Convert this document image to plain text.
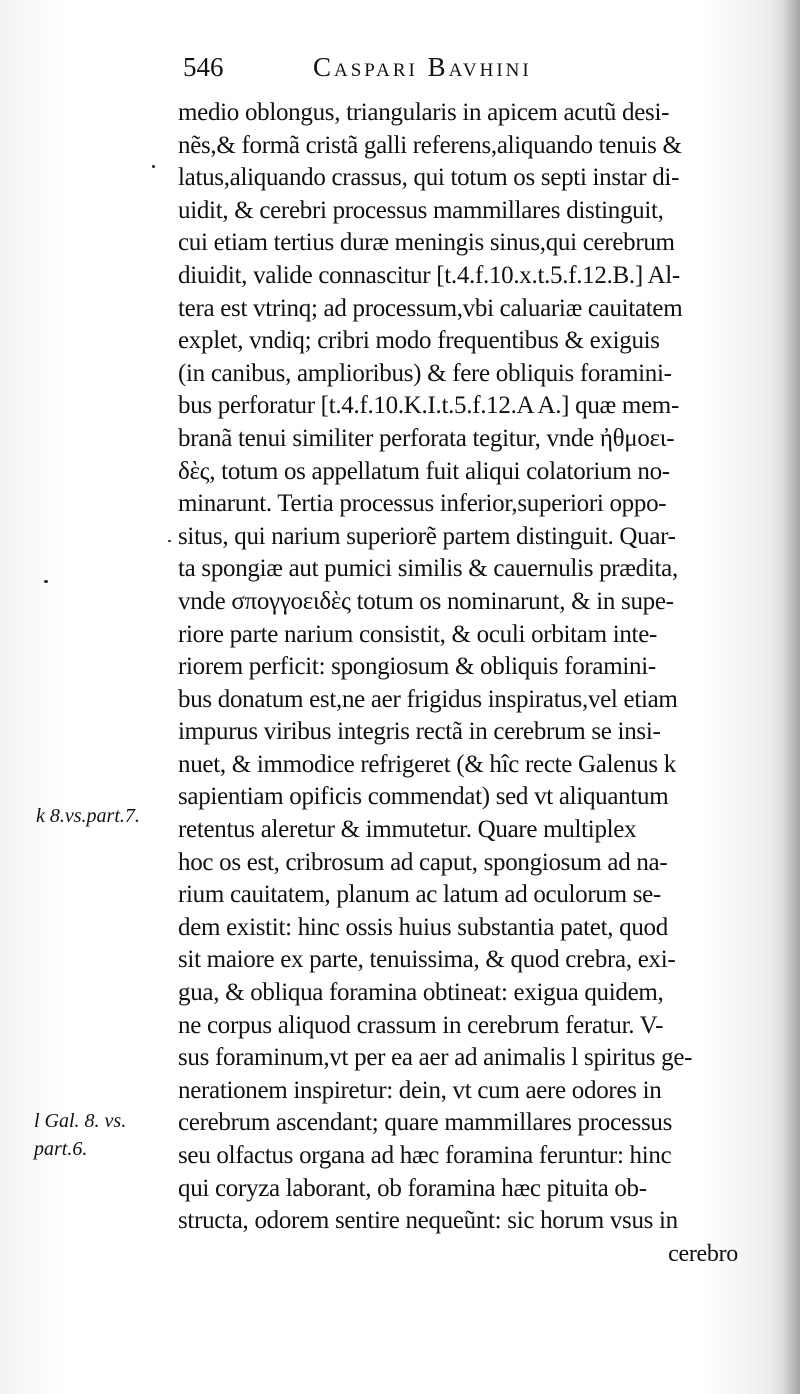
546	Caspari Bavhini
medio oblongus, triangularis in apicem acutũ desi-
nẽs,& formã cristã galli referens,aliquando tenuis &
latus,aliquando crassus, qui totum os septi instar di-
uidit, & cerebri processus mammillares distinguit,
cui etiam tertius duræ meningis sinus,qui cerebrum
diuidit, valide connascitur [t.4.f.10.x.t.5.f.12.B.] Al-
tera est vtrinq; ad processum,vbi caluariæ cauitatem
explet, vndiq; cribri modo frequentibus & exiguis
(in canibus, amplioribus) & fere obliquis foramini-
bus perforatur [t.4.f.10.K.I.t.5.f.12.A A.] quæ mem-
branã tenui similiter perforata tegitur, vnde ἠθμοει-
δὲς, totum os appellatum fuit aliqui colatorium no-
minarunt. Tertia processus inferior,superiori oppo-
situs, qui narium superiorẽ partem distinguit. Quar-
ta spongiæ aut pumici similis & cauernulis prædita,
vnde σπογγοειδὲς totum os nominarunt, & in supe-
riore parte narium consistit, & oculi orbitam inte-
riorem perficit: spongiosum & obliquis foramini-
bus donatum est,ne aer frigidus inspiratus,vel etiam
impurus viribus integris rectã in cerebrum se insi-
nuet, & immodice refrigeret (& hîc recte Galenus k
sapientiam opificis commendat) sed vt aliquantum
retentus aleretur & immutetur. Quare multiplex
hoc os est, cribrosum ad caput, spongiosum ad na-
rium cauitatem, planum ac latum ad oculorum se-
dem existit: hinc ossis huius substantia patet, quod
sit maiore ex parte, tenuissima, & quod crebra, exi-
gua, & obliqua foramina obtineat: exigua quidem,
ne corpus aliquod crassum in cerebrum feratur. V-
sus foraminum,vt per ea aer ad animalis l spiritus ge-
nerationem inspiretur: dein, vt cum aere odores in
cerebrum ascendant; quare mammillares processus
seu olfactus organa ad hæc foramina feruntur: hinc
qui coryza laborant, ob foramina hæc pituita ob-
structa, odorem sentire nequeũnt: sic horum vsus in
cerebro
k 8.vs.part.7.
l Gal. 8. vs.
part.6.
